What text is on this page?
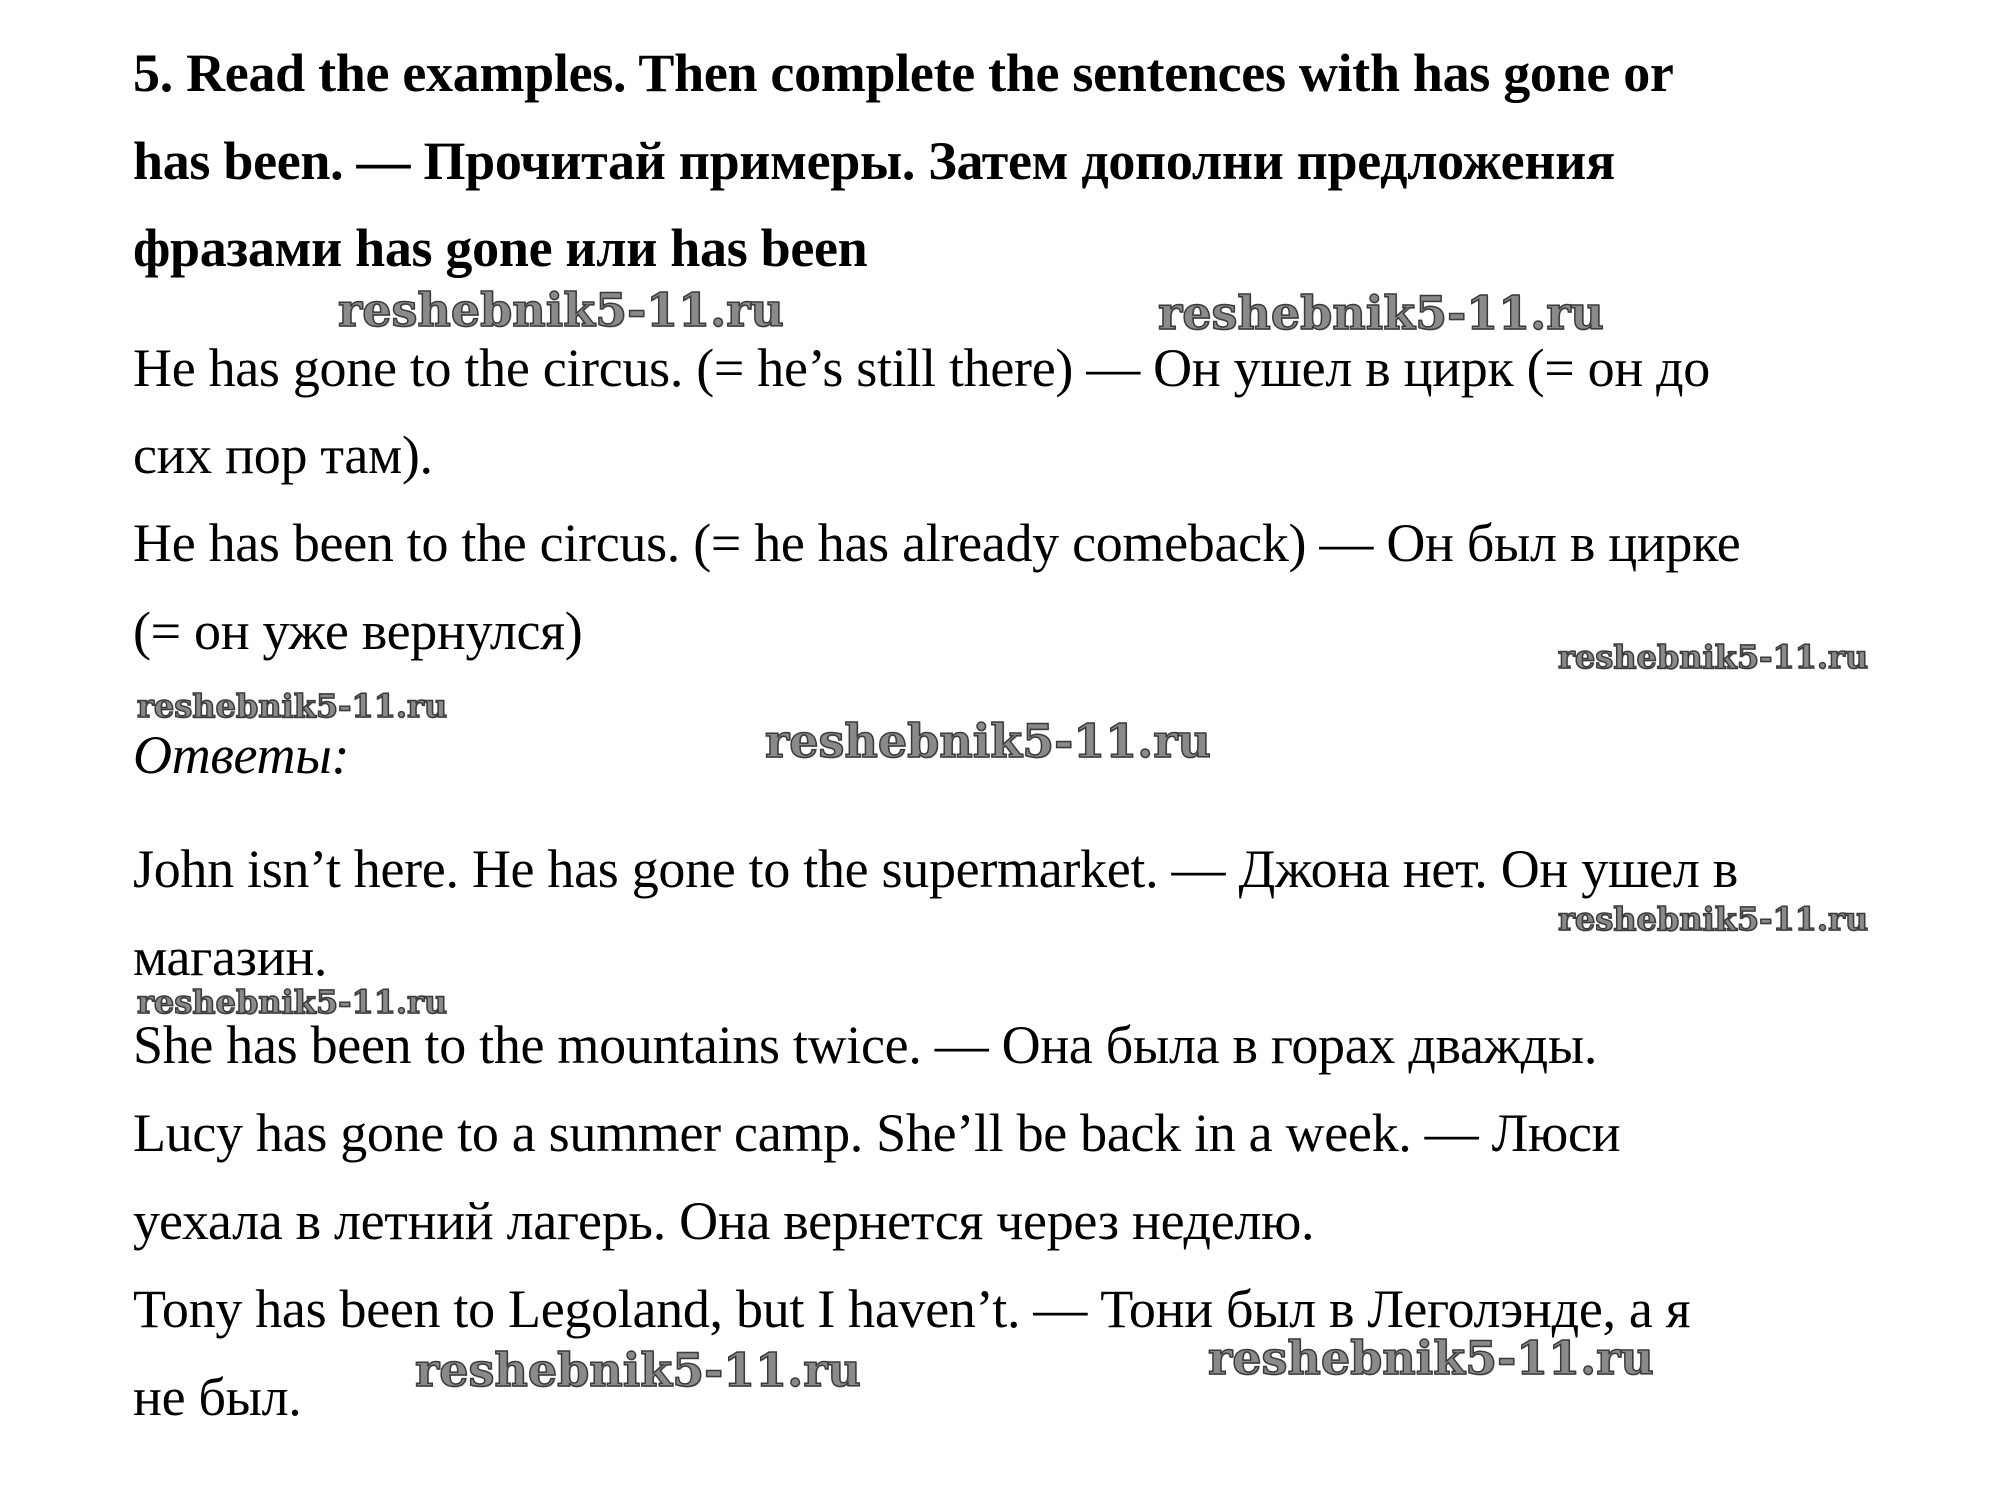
5. Read the examples. Then complete the sentences with has gone or

has been. — Прочитай примеры. Затем дополни предложения

фразами has gone или has been

He has gone to the circus. (= he’s still there) — Он ушел в цирк (= он до

сих пор там).

He has been to the circus. (= he has already comeback) — Он был в цирке

(= он уже вернулся)

Ответы:

John isn’t here. He has gone to the supermarket. — Джона нет. Он ушел в

магазин.

She has been to the mountains twice. — Она была в горах дважды.

Lucy has gone to a summer camp. She’ll be back in a week. — Люси

уехала в летний лагерь. Она вернется через неделю.

Tony has been to Legoland, but I haven’t. — Тони был в Леголэнде, а я

не был.

reshebnik5-11.ru	reshebnik5-11.ru
reshebnik5-11.ru
reshebnik5-11.ru
reshebnik5-11.ru
reshebnik5-11.ru
reshebnik5-11.ru
reshebnik5-11.ru
reshebnik5-11.ru
